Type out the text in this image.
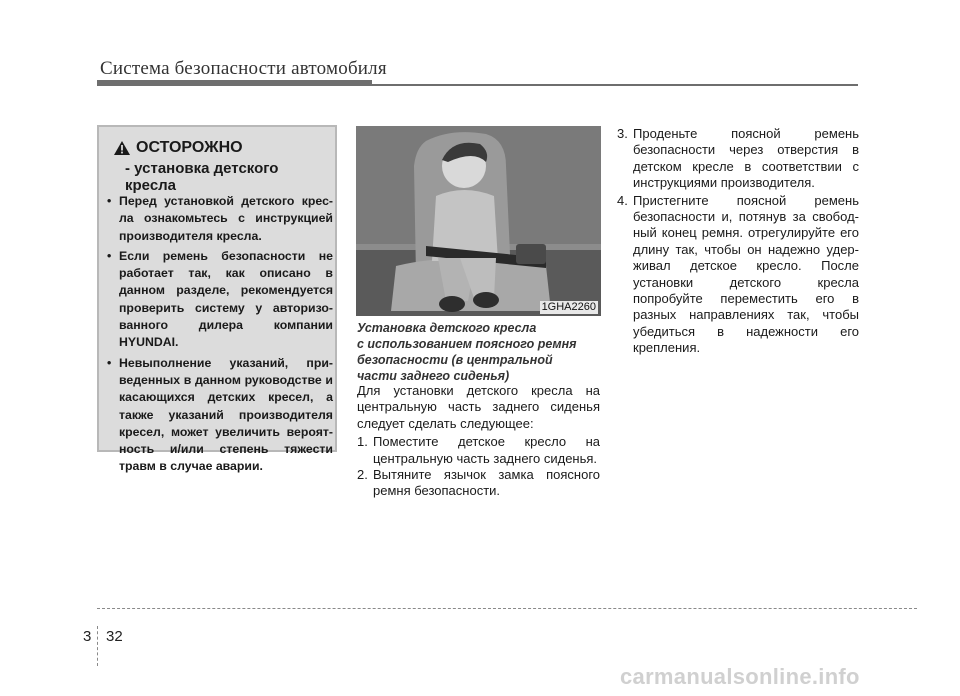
Система безопасности автомобиля
ОСТОРОЖНО
- установка детского кресла
• Перед установкой детского крес-ла ознакомьтесь с инструкцией производителя кресла.
• Если ремень безопасности не работает так, как описано в данном разделе, рекомендуется проверить систему у авторизо-ванного дилера компании HYUNDAI.
• Невыполнение указаний, при-веденных в данном руководстве и касающихся детских кресел, а также указаний производителя кресел, может увеличить вероят-ность и/или степень тяжести травм в случае аварии.
1GHA2260
Установка детского кресла
с использованием поясного ремня
безопасности (в центральной
части заднего сиденья)

Для установки детского кресла на центральную часть заднего сиденья следует сделать следующее:

1. Поместите детское кресло на центральную часть заднего сиденья.
2. Вытяните язычок замка поясного ремня безопасности.
3. Проденьте поясной ремень безопасности через отверстия в детском кресле в соответствии с инструкциями производителя.
4. Пристегните поясной ремень безопасности и, потянув за свобод-ный конец ремня. отрегулируйте его длину так, чтобы он надежно удер-живал детское кресло. После установки детского кресла попробуйте переместить его в разных направлениях так, чтобы убедиться в надежности его крепления.
3 32
carmanualsonline.info
